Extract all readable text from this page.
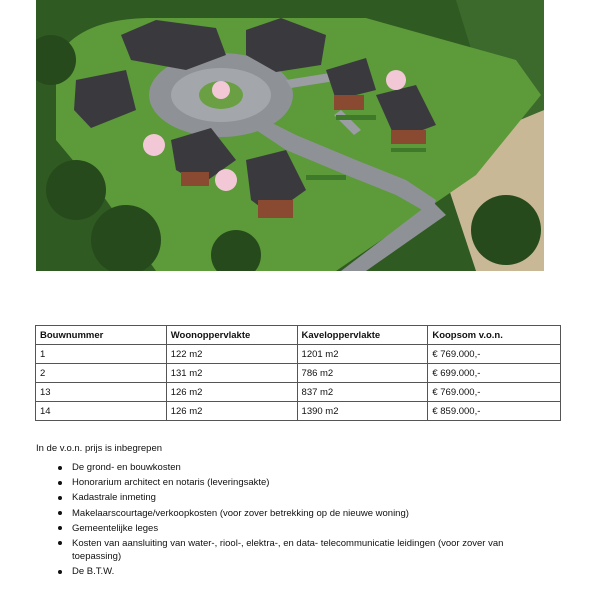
Bouwnummer	Woonoppervlakte	Kaveloppervlakte	Koopsom v.o.n.
1	122 m2	1201 m2	€ 769.000,-
2	131 m2	786 m2	€ 699.000,-
13	126 m2	837 m2	€ 769.000,-
14	126 m2	1390 m2	€ 859.000,-
In de v.o.n. prijs is inbegrepen
De grond- en bouwkosten
Honorarium architect en notaris (leveringsakte)
Kadastrale inmeting
Makelaarscourtage/verkoopkosten (voor zover betrekking op de nieuwe woning)
Gemeentelijke leges
Kosten van aansluiting van water-, riool-, elektra-, en data- telecommunicatie leidingen (voor zover van toepassing)
De B.T.W.
